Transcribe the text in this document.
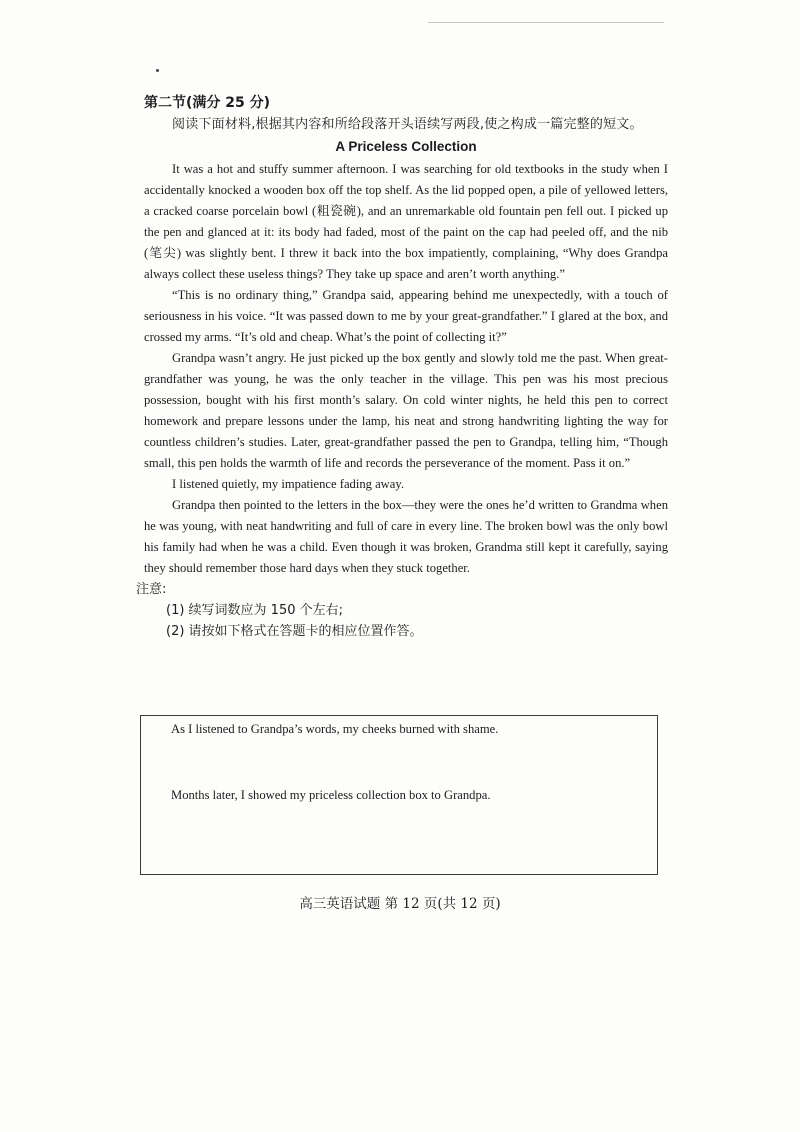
第二节(满分 25 分)

阅读下面材料,根据其内容和所给段落开头语续写两段,使之构成一篇完整的短文。

A Priceless Collection

It was a hot and stuffy summer afternoon. I was searching for old textbooks in the study when I accidentally knocked a wooden box off the top shelf. As the lid popped open, a pile of yellowed letters, a cracked coarse porcelain bowl (粗瓷碗), and an unremarkable old fountain pen fell out. I picked up the pen and glanced at it: its body had faded, most of the paint on the cap had peeled off, and the nib (笔尖) was slightly bent. I threw it back into the box impatiently, complaining, “Why does Grandpa always collect these useless things? They take up space and aren’t worth anything.”

“This is no ordinary thing,” Grandpa said, appearing behind me unexpectedly, with a touch of seriousness in his voice. “It was passed down to me by your great-grandfather.” I glared at the box, and crossed my arms. “It’s old and cheap. What’s the point of collecting it?”

Grandpa wasn’t angry. He just picked up the box gently and slowly told me the past. When great-grandfather was young, he was the only teacher in the village. This pen was his most precious possession, bought with his first month’s salary. On cold winter nights, he held this pen to correct homework and prepare lessons under the lamp, his neat and strong handwriting lighting the way for countless children’s studies. Later, great-grandfather passed the pen to Grandpa, telling him, “Though small, this pen holds the warmth of life and records the perseverance of the moment. Pass it on.”

I listened quietly, my impatience fading away.

Grandpa then pointed to the letters in the box—they were the ones he’d written to Grandma when he was young, with neat handwriting and full of care in every line. The broken bowl was the only bowl his family had when he was a child. Even though it was broken, Grandma still kept it carefully, saying they should remember those hard days when they stuck together.

注意:

(1) 续写词数应为 150 个左右;

(2) 请按如下格式在答题卡的相应位置作答。

As I listened to Grandpa’s words, my cheeks burned with shame.

Months later, I showed my priceless collection box to Grandpa.

高三英语试题 第 12 页(共 12 页)
